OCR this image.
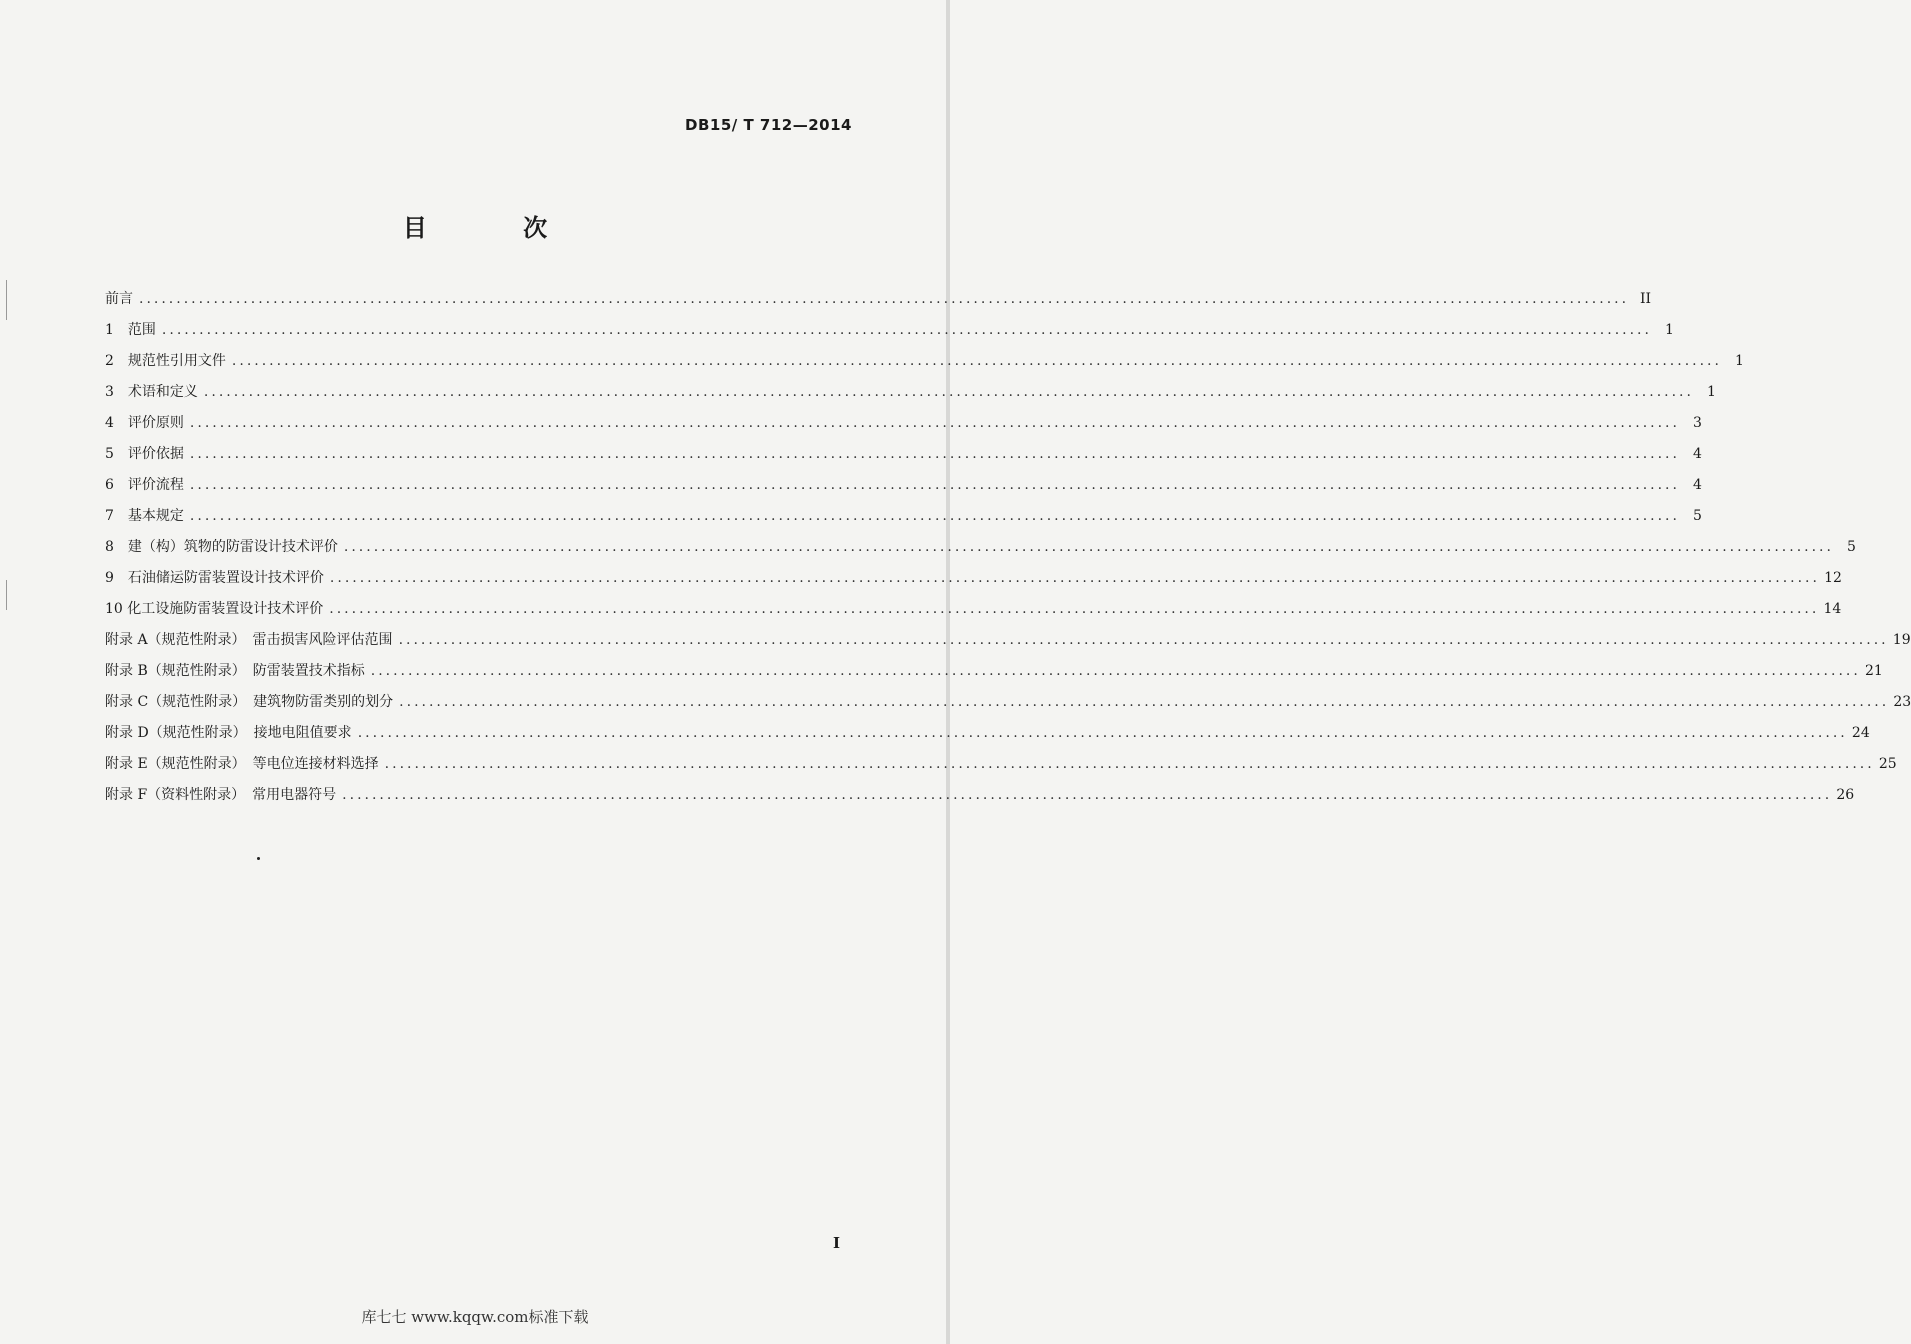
DB15/ T 712—2014
目 次
前言 ........................................................................................................................................................................................................ II
1　范围 ........................................................................................................................................................................................................ 1
2　规范性引用文件 ........................................................................................................................................................................................................ 1
3　术语和定义 ........................................................................................................................................................................................................ 1
4　评价原则 ........................................................................................................................................................................................................ 3
5　评价依据 ........................................................................................................................................................................................................ 4
6　评价流程 ........................................................................................................................................................................................................ 4
7　基本规定 ........................................................................................................................................................................................................ 5
8　建（构）筑物的防雷设计技术评价 ........................................................................................................................................................................................................ 5
9　石油储运防雷装置设计技术评价 ........................................................................................................................................................................................................ 12
10 化工设施防雷装置设计技术评价 ........................................................................................................................................................................................................ 14
附录 A（规范性附录）　雷击损害风险评估范围 ........................................................................................................................................................................................................ 19
附录 B（规范性附录）　防雷装置技术指标 ........................................................................................................................................................................................................ 21
附录 C（规范性附录）　建筑物防雷类别的划分 ........................................................................................................................................................................................................ 23
附录 D（规范性附录）　接地电阻值要求 ........................................................................................................................................................................................................ 24
附录 E（规范性附录）　等电位连接材料选择 ........................................................................................................................................................................................................ 25
附录 F（资料性附录）　常用电器符号 ........................................................................................................................................................................................................ 26
I
库七七 www.kqqw.com标准下载
